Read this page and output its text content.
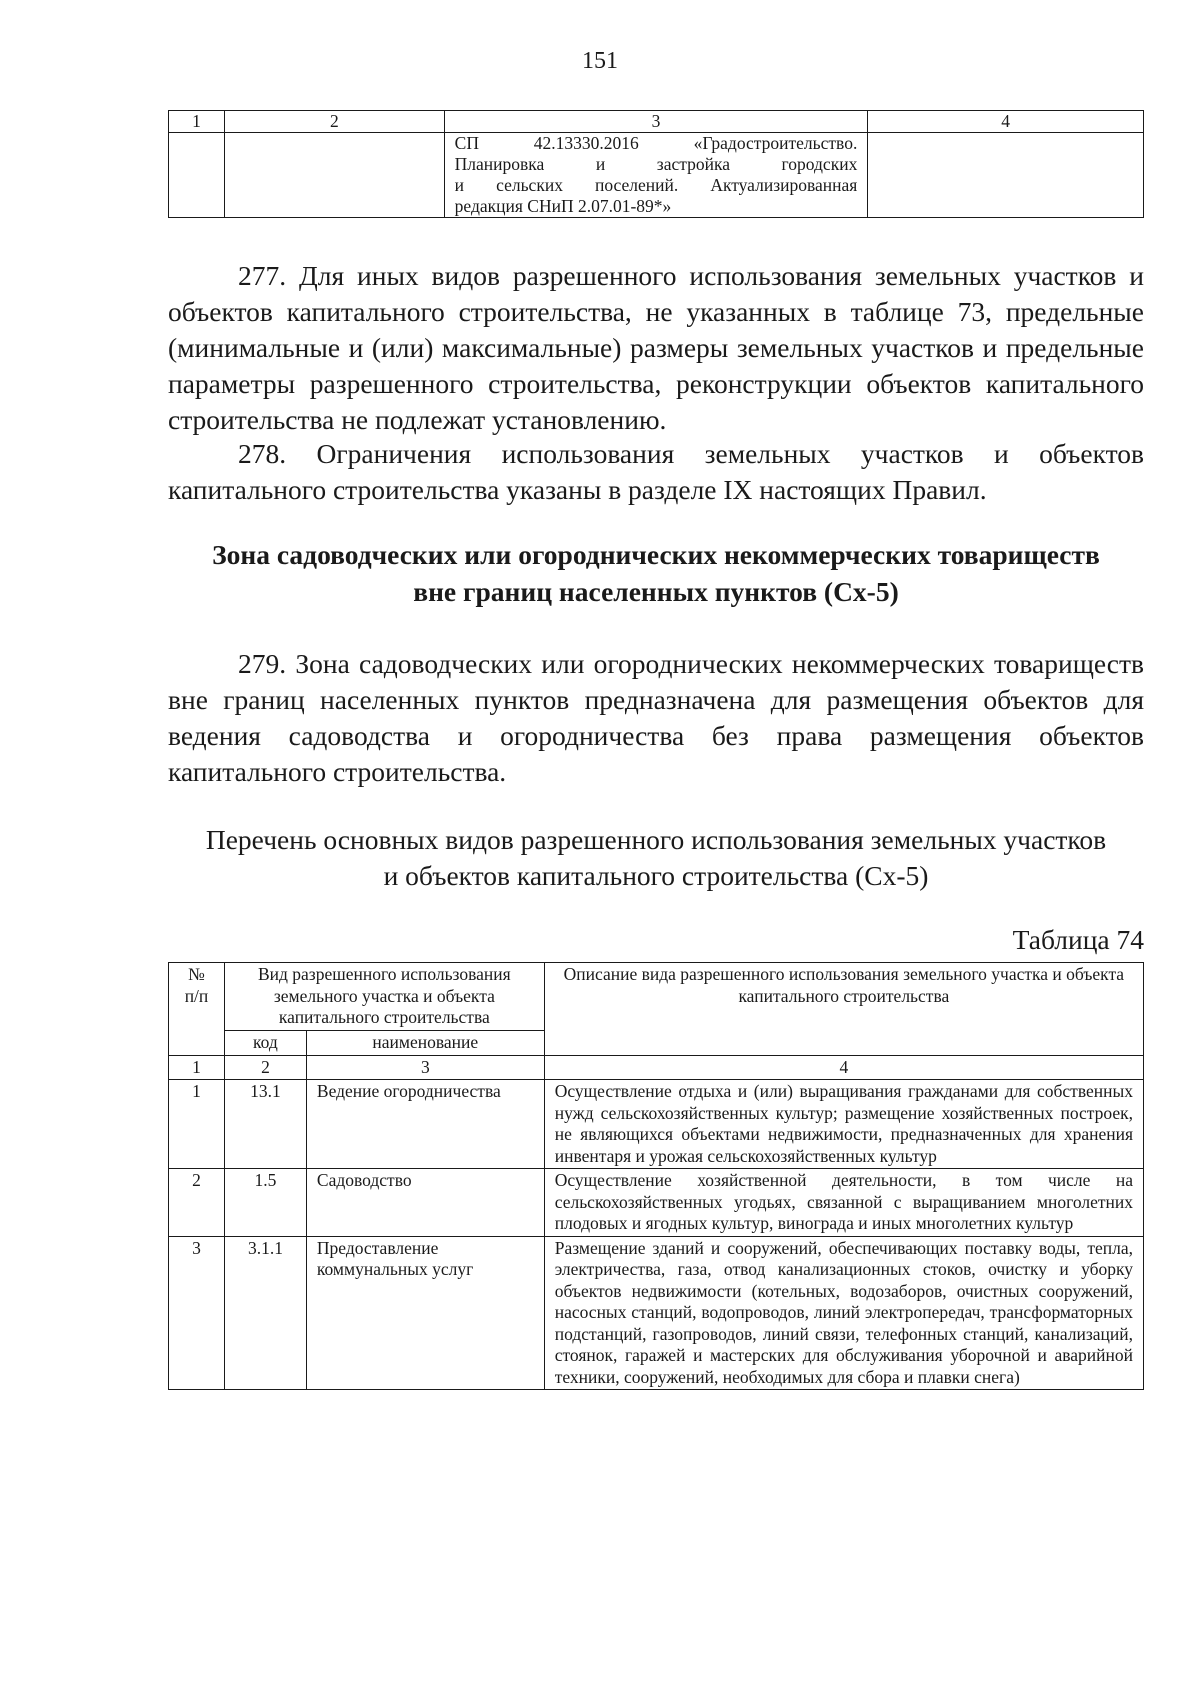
151
1	2	3	4

		СП 42.13330.2016 «Градостроительство.
Планировка и застройка городских
и сельских поселений. Актуализированная
редакция СНиП 2.07.01-89*»	

277. Для иных видов разрешенного использования земельных участков и объектов капитального строительства, не указанных в таблице 73, предельные (минимальные и (или) максимальные) размеры земельных участков и предельные параметры разрешенного строительства, реконструкции объектов капитального строительства не подлежат установлению.

278. Ограничения использования земельных участков и объектов капитального строительства указаны в разделе IX настоящих Правил.

Зона садоводческих или огороднических некоммерческих товариществ
вне границ населенных пунктов (Сх-5)

279. Зона садоводческих или огороднических некоммерческих товариществ вне границ населенных пунктов предназначена для размещения объектов для ведения садоводства и огородничества без права размещения объектов капитального строительства.

Перечень основных видов разрешенного использования земельных участков
и объектов капитального строительства (Сх-5)

Таблица 74
№ п/п	Вид разрешенного использования земельного участка и объекта капитального строительства		Описание вида разрешенного использования земельного участка и объекта капитального строительства
	код	наименование	
1	2	3	4
1	13.1	Ведение огородничества	Осуществление отдыха и (или) выращивания гражданами для собственных нужд сельскохозяйственных культур; размещение хозяйственных построек, не являющихся объектами недвижимости, предназначенных для хранения инвентаря и урожая сельскохозяйственных культур
2	1.5	Садоводство	Осуществление хозяйственной деятельности, в том числе на сельскохозяйственных угодьях, связанной с выращиванием многолетних плодовых и ягодных культур, винограда и иных многолетних культур
3	3.1.1	Предоставление коммунальных услуг	Размещение зданий и сооружений, обеспечивающих поставку воды, тепла, электричества, газа, отвод канализационных стоков, очистку и уборку объектов недвижимости (котельных, водозаборов, очистных сооружений, насосных станций, водопроводов, линий электропередач, трансформаторных подстанций, газопроводов, линий связи, телефонных станций, канализаций, стоянок, гаражей и мастерских для обслуживания уборочной и аварийной техники, сооружений, необходимых для сбора и плавки снега)
